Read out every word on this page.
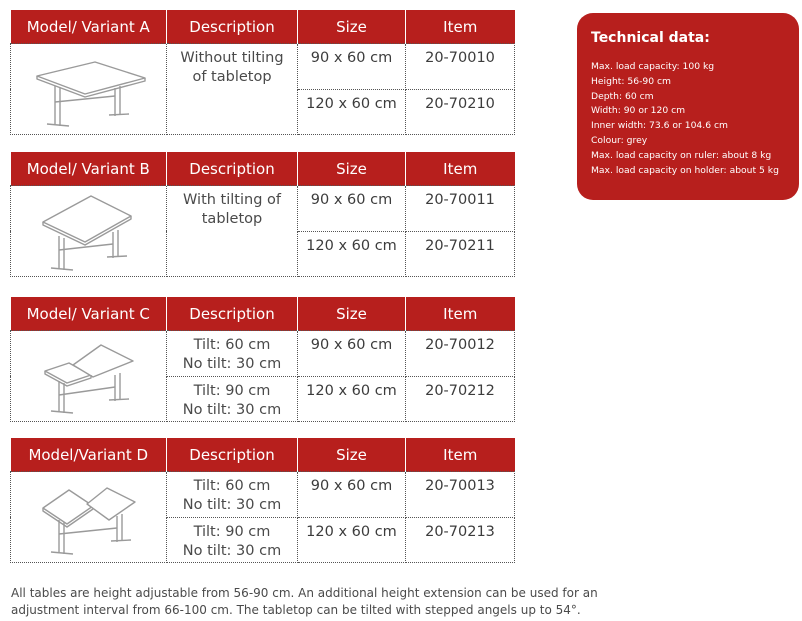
Model/ Variant A	Description	Size	Item

	Without tilting
of tabletop	90 x 60 cm	20-70010
		120 x 60 cm	20-70210
Model/ Variant B	Description	Size	Item

	With tilting of
tabletop	90 x 60 cm	20-70011
		120 x 60 cm	20-70211
Model/ Variant C	Description	Size	Item

	Tilt: 60 cm
No tilt: 30 cm	90 x 60 cm	20-70012
	Tilt: 90 cm
No tilt: 30 cm	120 x 60 cm	20-70212
Model/Variant D	Description	Size	Item

	Tilt: 60 cm
No tilt: 30 cm	90 x 60 cm	20-70013
	Tilt: 90 cm
No tilt: 30 cm	120 x 60 cm	20-70213
Technical data:
Max. load capacity: 100 kg
Height: 56-90 cm
Depth: 60 cm
Width: 90 or 120 cm
Inner width: 73.6 or 104.6 cm
Colour: grey
Max. load capacity on ruler: about 8 kg
Max. load capacity on holder: about 5 kg
All tables are height adjustable from 56-90 cm. An additional height extension can be used for an
adjustment interval from 66-100 cm. The tabletop can be tilted with stepped angels up to 54°.
